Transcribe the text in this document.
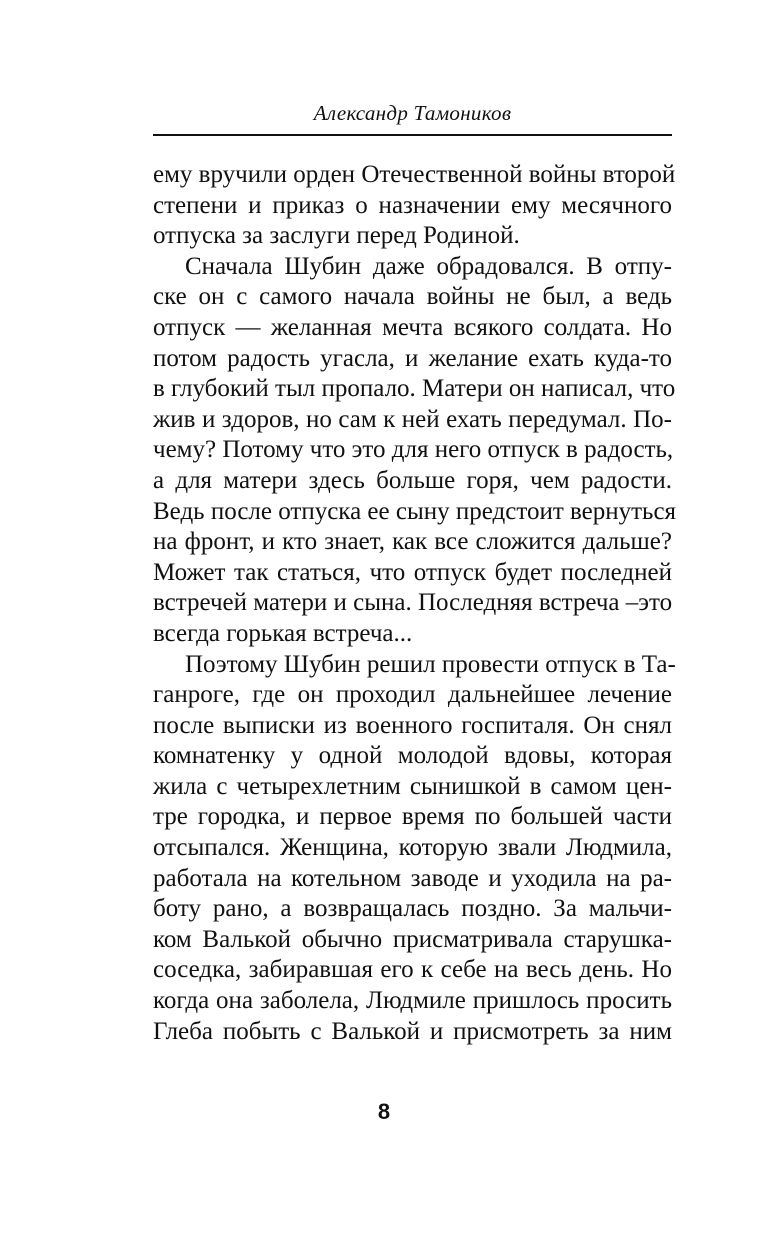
Александр Тамоников
ему вручили орден Отечественной войны второй
степени и приказ о назначении ему месячного
отпуска за заслуги перед Родиной.
Сначала Шубин даже обрадовался. В отпу-
ске он с самого начала войны не был, а ведь
отпуск — желанная мечта всякого солдата. Но
потом радость угасла, и желание ехать куда-то
в глубокий тыл пропало. Матери он написал, что
жив и здоров, но сам к ней ехать передумал. По-
чему? Потому что это для него отпуск в радость,
а для матери здесь больше горя, чем радости.
Ведь после отпуска ее сыну предстоит вернуться
на фронт, и кто знает, как все сложится дальше?
Может так статься, что отпуск будет последней
встречей матери и сына. Последняя встреча –это
всегда горькая встреча...
Поэтому Шубин решил провести отпуск в Та-
ганроге, где он проходил дальнейшее лечение
после выписки из военного госпиталя. Он снял
комнатенку у одной молодой вдовы, которая
жила с четырехлетним сынишкой в самом цен-
тре городка, и первое время по большей части
отсыпался. Женщина, которую звали Людмила,
работала на котельном заводе и уходила на ра-
боту рано, а возвращалась поздно. За мальчи-
ком Валькой обычно присматривала старушка-
соседка, забиравшая его к себе на весь день. Но
когда она заболела, Людмиле пришлось просить
Глеба побыть с Валькой и присмотреть за ним
8
